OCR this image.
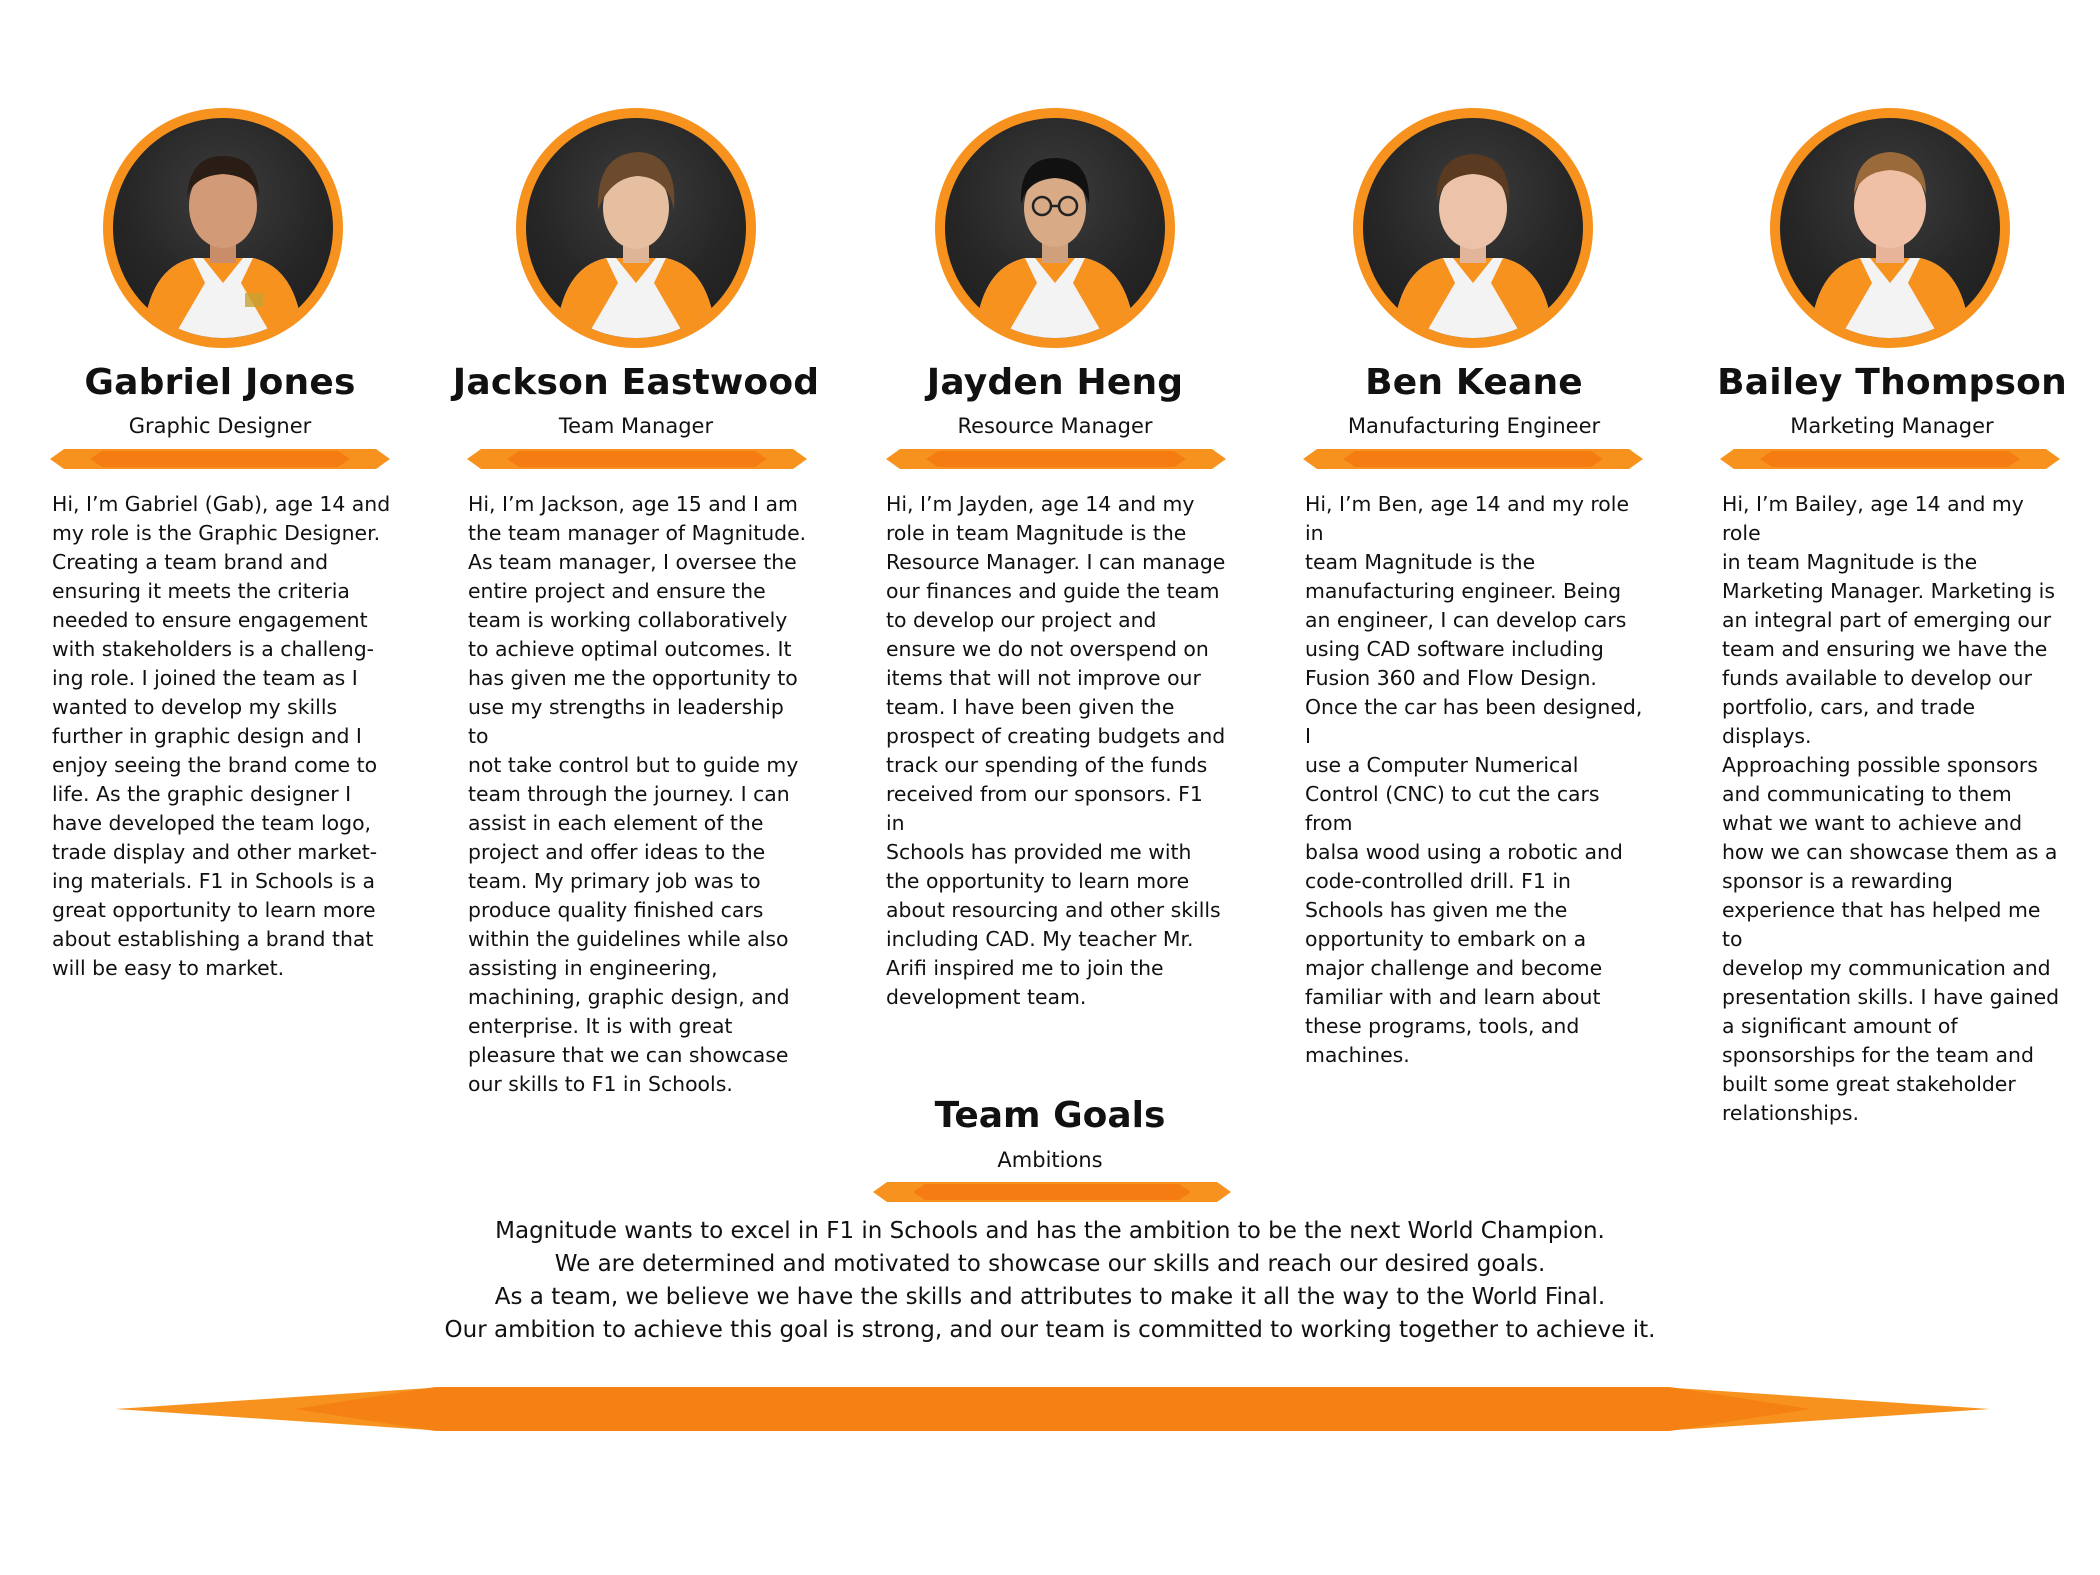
Gabriel Jones
Graphic Designer
Hi, I’m Gabriel (Gab), age 14 and
my role is the Graphic Designer.
Creating a team brand and
ensuring it meets the criteria
needed to ensure engagement
with stakeholders is a challeng-
ing role. I joined the team as I
wanted to develop my skills
further in graphic design and I
enjoy seeing the brand come to
life. As the graphic designer I
have developed the team logo,
trade display and other market-
ing materials. F1 in Schools is a
great opportunity to learn more
about establishing a brand that
will be easy to market.
Jackson Eastwood
Team Manager
Hi, I’m Jackson, age 15 and I am
the team manager of Magnitude.
As team manager, I oversee the
entire project and ensure the
team is working collaboratively
to achieve optimal outcomes. It
has given me the opportunity to
use my strengths in leadership to
not take control but to guide my
team through the journey. I can
assist in each element of the
project and offer ideas to the
team. My primary job was to
produce quality finished cars
within the guidelines while also
assisting in engineering,
machining, graphic design, and
enterprise. It is with great
pleasure that we can showcase
our skills to F1 in Schools.
Jayden Heng
Resource Manager
Hi, I’m Jayden, age 14 and my
role in team Magnitude is the
Resource Manager. I can manage
our finances and guide the team
to develop our project and
ensure we do not overspend on
items that will not improve our
team. I have been given the
prospect of creating budgets and
track our spending of the funds
received from our sponsors. F1 in
Schools has provided me with
the opportunity to learn more
about resourcing and other skills
including CAD. My teacher Mr.
Arifi inspired me to join the
development team.
Ben Keane
Manufacturing Engineer
Hi, I’m Ben, age 14 and my role in
team Magnitude is the
manufacturing engineer. Being
an engineer, I can develop cars
using CAD software including
Fusion 360 and Flow Design.
Once the car has been designed, I
use a Computer Numerical
Control (CNC) to cut the cars from
balsa wood using a robotic and
code-controlled drill. F1 in
Schools has given me the
opportunity to embark on a
major challenge and become
familiar with and learn about
these programs, tools, and
machines.
Bailey Thompson
Marketing Manager
Hi, I’m Bailey, age 14 and my role
in team Magnitude is the
Marketing Manager. Marketing is
an integral part of emerging our
team and ensuring we have the
funds available to develop our
portfolio, cars, and trade displays.
Approaching possible sponsors
and communicating to them
what we want to achieve and
how we can showcase them as a
sponsor is a rewarding
experience that has helped me to
develop my communication and
presentation skills. I have gained
a significant amount of
sponsorships for the team and
built some great stakeholder
relationships.
Team Goals
Ambitions
Magnitude wants to excel in F1 in Schools and has the ambition to be the next World Champion.
We are determined and motivated to showcase our skills and reach our desired goals.
As a team, we believe we have the skills and attributes to make it all the way to the World Final.
Our ambition to achieve this goal is strong, and our team is committed to working together to achieve it.
